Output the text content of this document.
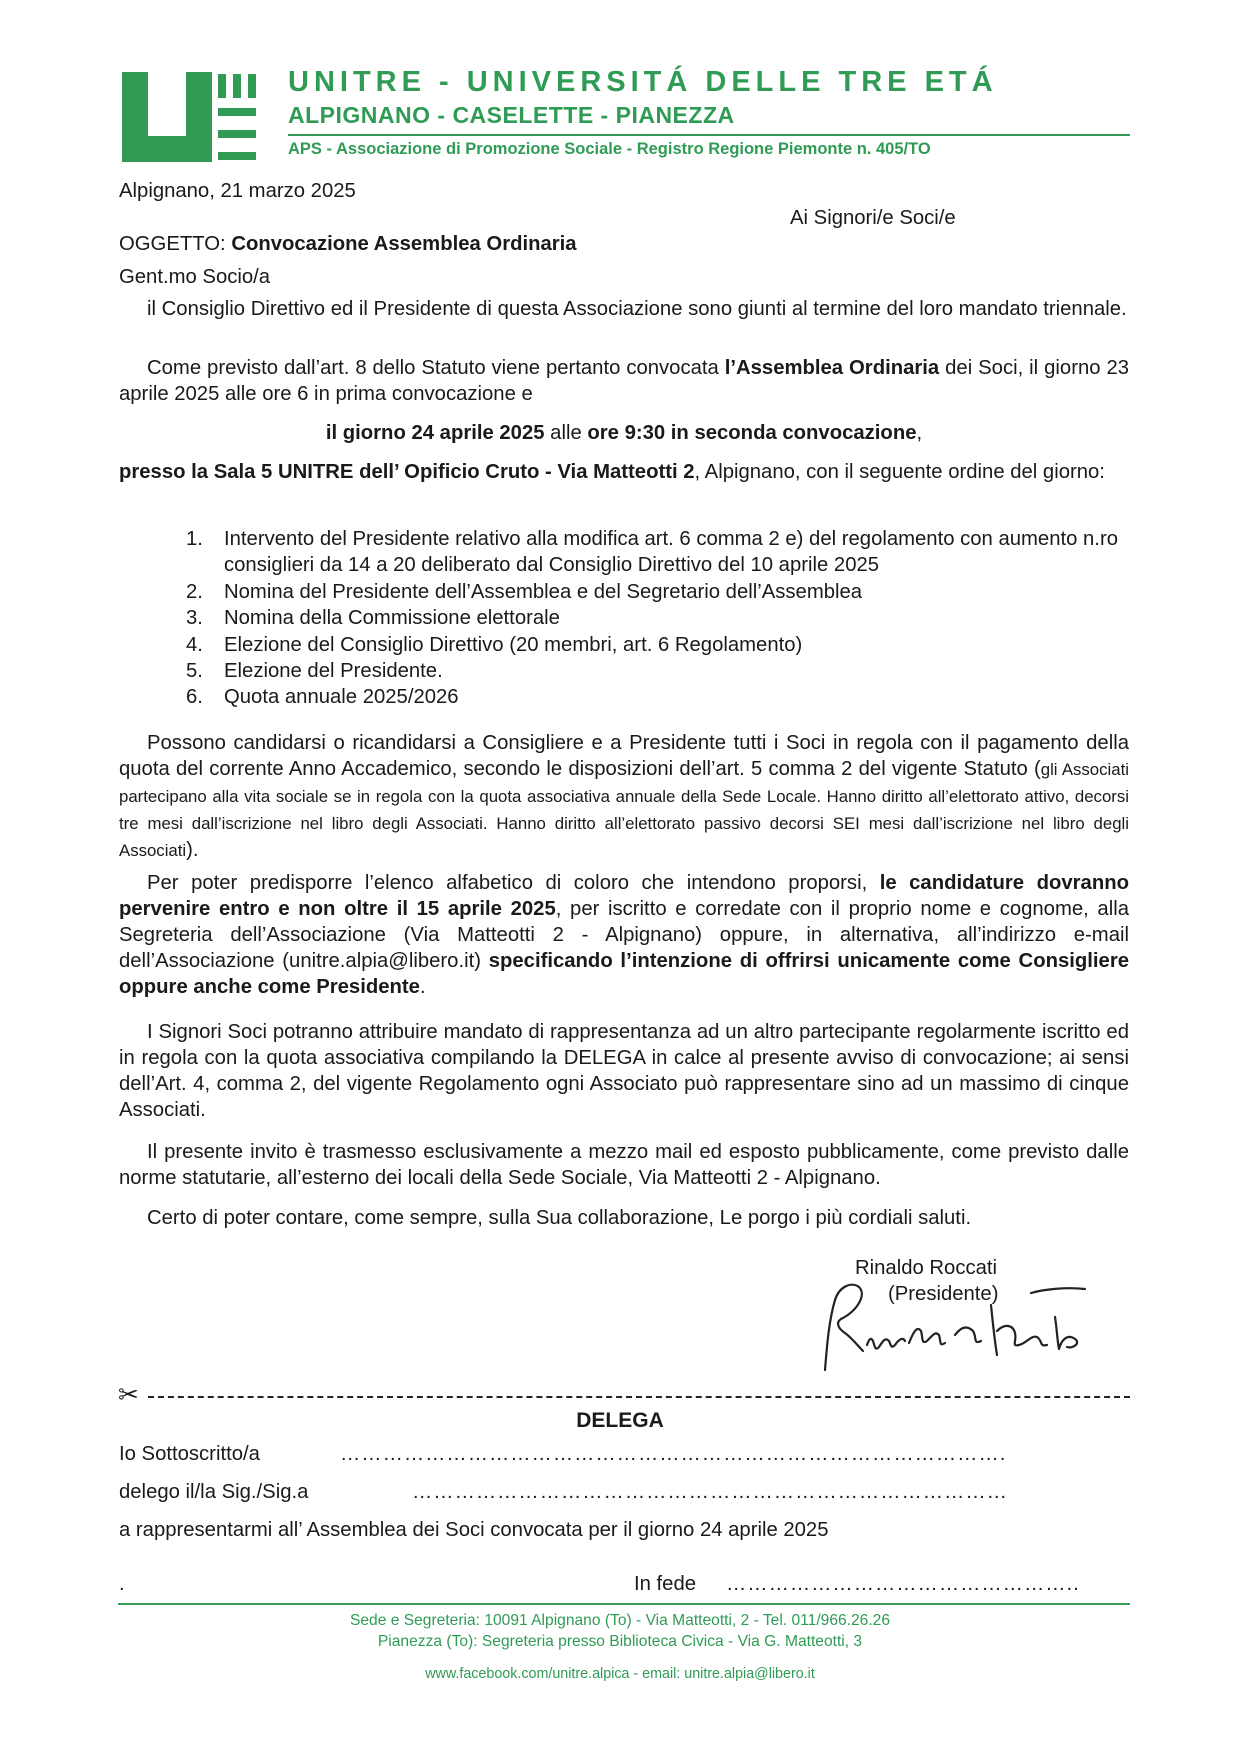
UNITRE - UNIVERSITÁ DELLE TRE ETÁ
ALPIGNANO - CASELETTE - PIANEZZA
APS - Associazione di Promozione Sociale - Registro Regione Piemonte n. 405/TO
Alpignano, 21 marzo 2025
Ai Signori/e Soci/e
OGGETTO: Convocazione Assemblea Ordinaria
Gent.mo Socio/a
il Consiglio Direttivo ed il Presidente di questa Associazione sono giunti al termine del loro mandato triennale.
Come previsto dall’art. 8 dello Statuto viene pertanto convocata l’Assemblea Ordinaria dei Soci, il giorno 23 aprile 2025 alle ore 6 in prima convocazione e
il giorno 24 aprile 2025 alle ore 9:30 in seconda convocazione,
presso la Sala 5 UNITRE dell’ Opificio Cruto - Via Matteotti 2, Alpignano, con il seguente ordine del giorno:
1. Intervento del Presidente relativo alla modifica art. 6 comma 2 e) del regolamento con aumento n.ro consiglieri da 14 a 20 deliberato dal Consiglio Direttivo del 10 aprile 2025
2. Nomina del Presidente dell’Assemblea e del Segretario dell’Assemblea
3. Nomina della Commissione elettorale
4. Elezione del Consiglio Direttivo (20 membri, art. 6 Regolamento)
5. Elezione del Presidente.
6. Quota annuale 2025/2026
Possono candidarsi o ricandidarsi a Consigliere e a Presidente tutti i Soci in regola con il pagamento della quota del corrente Anno Accademico, secondo le disposizioni dell’art. 5 comma 2 del vigente Statuto (gli Associati partecipano alla vita sociale se in regola con la quota associativa annuale della Sede Locale. Hanno diritto all’elettorato attivo, decorsi tre mesi dall’iscrizione nel libro degli Associati. Hanno diritto all’elettorato passivo decorsi SEI mesi dall’iscrizione nel libro degli Associati).
Per poter predisporre l’elenco alfabetico di coloro che intendono proporsi, le candidature dovranno pervenire entro e non oltre il 15 aprile 2025, per iscritto e corredate con il proprio nome e cognome, alla Segreteria dell’Associazione (Via Matteotti 2 - Alpignano) oppure, in alternativa, all’indirizzo e-mail dell’Associazione (unitre.alpia@libero.it) specificando l’intenzione di offrirsi unicamente come Consigliere oppure anche come Presidente.
I Signori Soci potranno attribuire mandato di rappresentanza ad un altro partecipante regolarmente iscritto ed in regola con la quota associativa compilando la DELEGA in calce al presente avviso di convocazione; ai sensi dell’Art. 4, comma 2, del vigente Regolamento ogni Associato può rappresentare sino ad un massimo di cinque Associati.
Il presente invito è trasmesso esclusivamente a mezzo mail ed esposto pubblicamente, come previsto dalle norme statutarie, all’esterno dei locali della Sede Sociale, Via Matteotti 2 - Alpignano.
Certo di poter contare, come sempre, sulla Sua collaborazione, Le porgo i più cordiali saluti.
Rinaldo Roccati
(Presidente)
✂
DELEGA
Io Sottoscritto/a	………………………………………………………………………………….
delego il/la Sig./Sig.a	…………………………………………………………………………
a rappresentarmi all’ Assemblea dei Soci convocata per il giorno 24 aprile 2025
.	In fede …………………………………………..
Sede e Segreteria: 10091 Alpignano (To) - Via Matteotti, 2 - Tel. 011/966.26.26
Pianezza (To): Segreteria presso Biblioteca Civica - Via G. Matteotti, 3
www.facebook.com/unitre.alpica - email: unitre.alpia@libero.it
